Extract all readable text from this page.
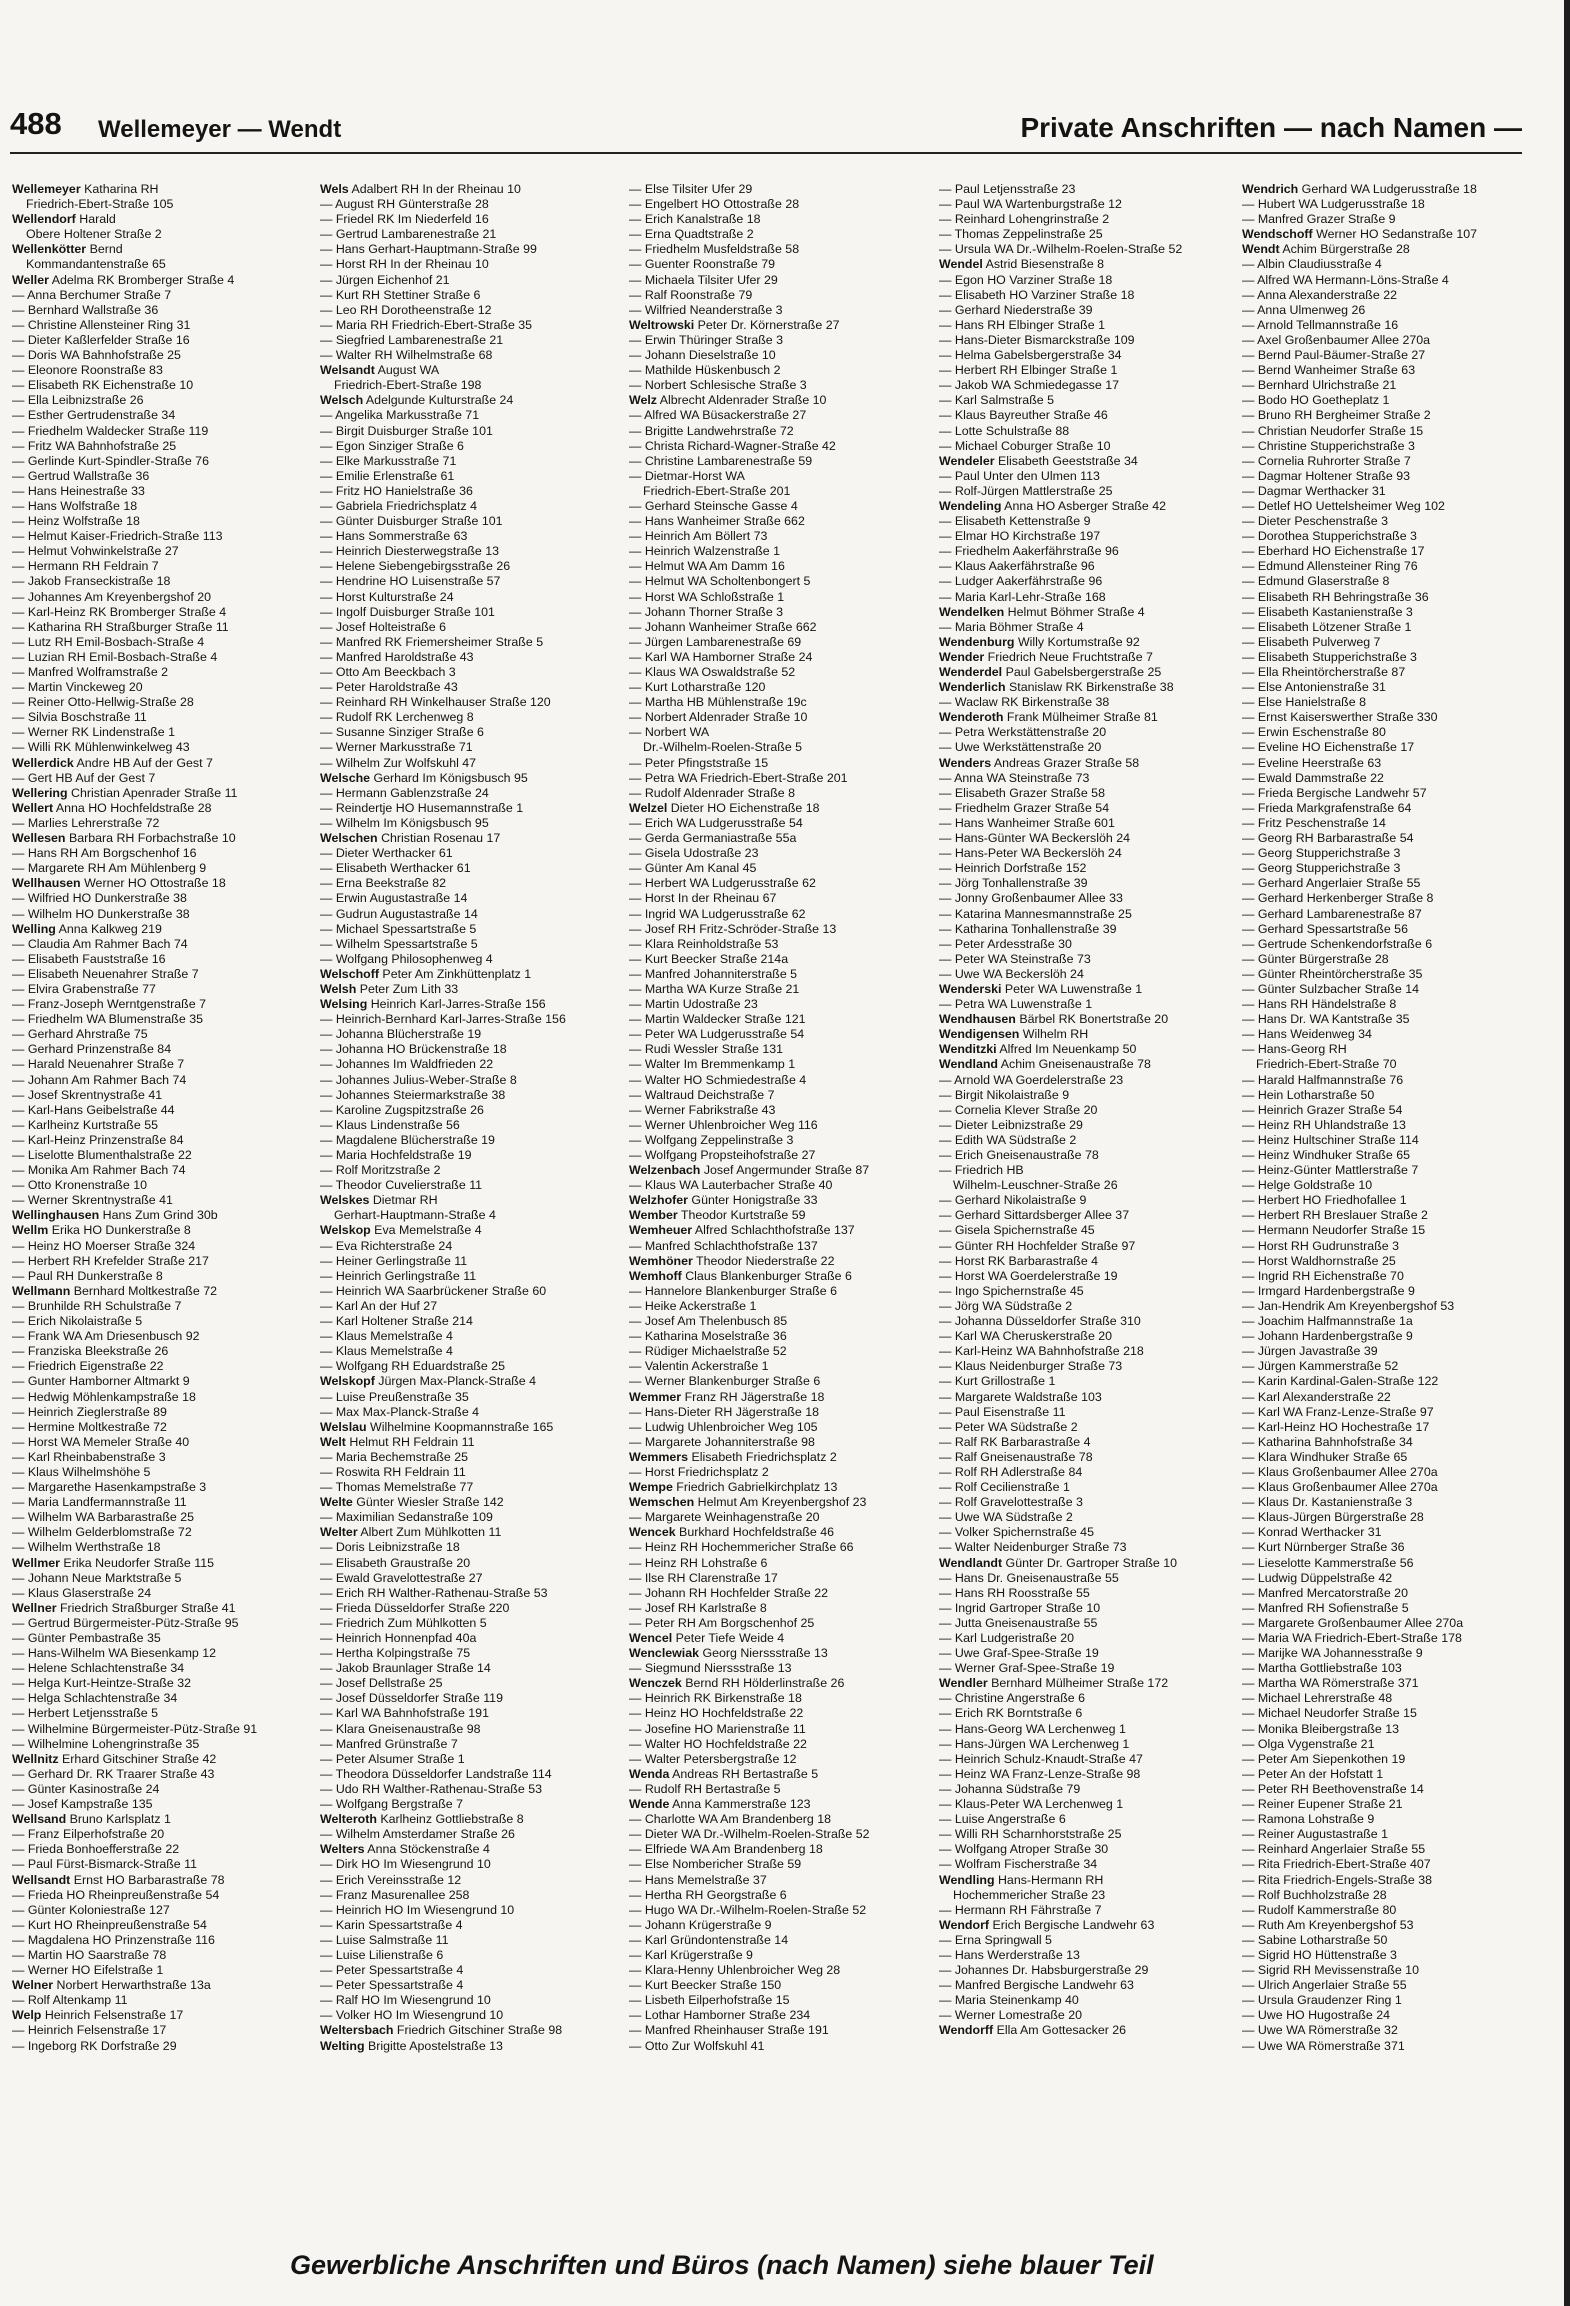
488 Wellemeyer — Wendt	Private Anschriften — nach Namen —
Wellemeyer Katharina RH
Friedrich-Ebert-Straße 105
Wellendorf Harald
Obere Holtener Straße 2
Wellenkötter Bernd
Kommandantenstraße 65
Weller Adelma RK Bromberger Straße 4
— Anna Berchumer Straße 7
— Bernhard Wallstraße 36
— Christine Allensteiner Ring 31
— Dieter Kaßlerfelder Straße 16
— Doris WA Bahnhofstraße 25
— Eleonore Roonstraße 83
— Elisabeth RK Eichenstraße 10
— Ella Leibnizstraße 26
— Esther Gertrudenstraße 34
— Friedhelm Waldecker Straße 119
— Fritz WA Bahnhofstraße 25
— Gerlinde Kurt-Spindler-Straße 76
— Gertrud Wallstraße 36
— Hans Heinestraße 33
— Hans Wolfstraße 18
— Heinz Wolfstraße 18
— Helmut Kaiser-Friedrich-Straße 113
— Helmut Vohwinkelstraße 27
— Hermann RH Feldrain 7
— Jakob Franseckistraße 18
— Johannes Am Kreyenbergshof 20
— Karl-Heinz RK Bromberger Straße 4
— Katharina RH Straßburger Straße 11
— Lutz RH Emil-Bosbach-Straße 4
— Luzian RH Emil-Bosbach-Straße 4
— Manfred Wolframstraße 2
— Martin Vinckeweg 20
— Reiner Otto-Hellwig-Straße 28
— Silvia Boschstraße 11
— Werner RK Lindenstraße 1
— Willi RK Mühlenwinkelweg 43
Wellerdick Andre HB Auf der Gest 7
— Gert HB Auf der Gest 7
Wellering Christian Apenrader Straße 11
Wellert Anna HO Hochfeldstraße 28
— Marlies Lehrerstraße 72
Wellesen Barbara RH Forbachstraße 10
— Hans RH Am Borgschenhof 16
— Margarete RH Am Mühlenberg 9
Wellhausen Werner HO Ottostraße 18
— Wilfried HO Dunkerstraße 38
— Wilhelm HO Dunkerstraße 38
Welling Anna Kalkweg 219
— Claudia Am Rahmer Bach 74
— Elisabeth Fauststraße 16
— Elisabeth Neuenahrer Straße 7
— Elvira Grabenstraße 77
— Franz-Joseph Werntgenstraße 7
— Friedhelm WA Blumenstraße 35
— Gerhard Ahrstraße 75
— Gerhard Prinzenstraße 84
— Harald Neuenahrer Straße 7
— Johann Am Rahmer Bach 74
— Josef Skrentnystraße 41
— Karl-Hans Geibelstraße 44
— Karlheinz Kurtstraße 55
— Karl-Heinz Prinzenstraße 84
— Liselotte Blumenthalstraße 22
— Monika Am Rahmer Bach 74
— Otto Kronenstraße 10
— Werner Skrentnystraße 41
Wellinghausen Hans Zum Grind 30b
Wellm Erika HO Dunkerstraße 8
— Heinz HO Moerser Straße 324
— Herbert RH Krefelder Straße 217
— Paul RH Dunkerstraße 8
Wellmann Bernhard Moltkestraße 72
— Brunhilde RH Schulstraße 7
— Erich Nikolaistraße 5
— Frank WA Am Driesenbusch 92
— Franziska Bleekstraße 26
— Friedrich Eigenstraße 22
— Gunter Hamborner Altmarkt 9
— Hedwig Möhlenkampstraße 18
— Heinrich Zieglerstraße 89
— Hermine Moltkestraße 72
— Horst WA Memeler Straße 40
— Karl Rheinbabenstraße 3
— Klaus Wilhelmshöhe 5
— Margarethe Hasenkampstraße 3
— Maria Landfermannstraße 11
— Wilhelm WA Barbarastraße 25
— Wilhelm Gelderblomstraße 72
— Wilhelm Werthstraße 18
Wellmer Erika Neudorfer Straße 115
— Johann Neue Marktstraße 5
— Klaus Glaserstraße 24
Wellner Friedrich Straßburger Straße 41
— Gertrud Bürgermeister-Pütz-Straße 95
— Günter Pembastraße 35
— Hans-Wilhelm WA Biesenkamp 12
— Helene Schlachtenstraße 34
— Helga Kurt-Heintze-Straße 32
— Helga Schlachtenstraße 34
— Herbert Letjensstraße 5
— Wilhelmine Bürgermeister-Pütz-Straße 91
— Wilhelmine Lohengrinstraße 35
Wellnitz Erhard Gitschiner Straße 42
— Gerhard Dr. RK Traarer Straße 43
— Günter Kasinostraße 24
— Josef Kampstraße 135
Wellsand Bruno Karlsplatz 1
— Franz Eilperhofstraße 20
— Frieda Bonhoefferstraße 22
— Paul Fürst-Bismarck-Straße 11
Wellsandt Ernst HO Barbarastraße 78
— Frieda HO Rheinpreußenstraße 54
— Günter Koloniestraße 127
— Kurt HO Rheinpreußenstraße 54
— Magdalena HO Prinzenstraße 116
— Martin HO Saarstraße 78
— Werner HO Eifelstraße 1
Welner Norbert Herwarthstraße 13a
— Rolf Altenkamp 11
Welp Heinrich Felsenstraße 17
— Heinrich Felsenstraße 17
— Ingeborg RK Dorfstraße 29
Wels Adalbert RH In der Rheinau 10
— August RH Günterstraße 28
— Friedel RK Im Niederfeld 16
— Gertrud Lambarenestraße 21
— Hans Gerhart-Hauptmann-Straße 99
— Horst RH In der Rheinau 10
— Jürgen Eichenhof 21
— Kurt RH Stettiner Straße 6
— Leo RH Dorotheenstraße 12
— Maria RH Friedrich-Ebert-Straße 35
— Siegfried Lambarenestraße 21
— Walter RH Wilhelmstraße 68
Welsandt August WA
Friedrich-Ebert-Straße 198
Welsch Adelgunde Kulturstraße 24
— Angelika Markusstraße 71
— Birgit Duisburger Straße 101
— Egon Sinziger Straße 6
— Elke Markusstraße 71
— Emilie Erlenstraße 61
— Fritz HO Hanielstraße 36
— Gabriela Friedrichsplatz 4
— Günter Duisburger Straße 101
— Hans Sommerstraße 63
— Heinrich Diesterwegstraße 13
— Helene Siebengebirgsstraße 26
— Hendrine HO Luisenstraße 57
— Horst Kulturstraße 24
— Ingolf Duisburger Straße 101
— Josef Holteistraße 6
— Manfred RK Friemersheimer Straße 5
— Manfred Haroldstraße 43
— Otto Am Beeckbach 3
— Peter Haroldstraße 43
— Reinhard RH Winkelhauser Straße 120
— Rudolf RK Lerchenweg 8
— Susanne Sinziger Straße 6
— Werner Markusstraße 71
— Wilhelm Zur Wolfskuhl 47
Welsche Gerhard Im Königsbusch 95
— Hermann Gablenzstraße 24
— Reindertje HO Husemannstraße 1
— Wilhelm Im Königsbusch 95
Welschen Christian Rosenau 17
— Dieter Werthacker 61
— Elisabeth Werthacker 61
— Erna Beekstraße 82
— Erwin Augustastraße 14
— Gudrun Augustastraße 14
— Michael Spessartstraße 5
— Wilhelm Spessartstraße 5
— Wolfgang Philosophenweg 4
Welschoff Peter Am Zinkhüttenplatz 1
Welsh Peter Zum Lith 33
Welsing Heinrich Karl-Jarres-Straße 156
— Heinrich-Bernhard Karl-Jarres-Straße 156
— Johanna Blücherstraße 19
— Johanna HO Brückenstraße 18
— Johannes Im Waldfrieden 22
— Johannes Julius-Weber-Straße 8
— Johannes Steiermarkstraße 38
— Karoline Zugspitzstraße 26
— Klaus Lindenstraße 56
— Magdalene Blücherstraße 19
— Maria Hochfeldstraße 19
— Rolf Moritzstraße 2
— Theodor Cuvelierstraße 11
Welskes Dietmar RH
Gerhart-Hauptmann-Straße 4
Welskop Eva Memelstraße 4
— Eva Richterstraße 24
— Heiner Gerlingstraße 11
— Heinrich Gerlingstraße 11
— Heinrich WA Saarbrückener Straße 60
— Karl An der Huf 27
— Karl Holtener Straße 214
— Klaus Memelstraße 4
— Klaus Memelstraße 4
— Wolfgang RH Eduardstraße 25
Welskopf Jürgen Max-Planck-Straße 4
— Luise Preußenstraße 35
— Max Max-Planck-Straße 4
Welslau Wilhelmine Koopmannstraße 165
Welt Helmut RH Feldrain 11
— Maria Bechemstraße 25
— Roswita RH Feldrain 11
— Thomas Memelstraße 77
Welte Günter Wiesler Straße 142
— Maximilian Sedanstraße 109
Welter Albert Zum Mühlkotten 11
— Doris Leibnizstraße 18
— Elisabeth Graustraße 20
— Ewald Gravelottestraße 27
— Erich RH Walther-Rathenau-Straße 53
— Frieda Düsseldorfer Straße 220
— Friedrich Zum Mühlkotten 5
— Heinrich Honnenpfad 40a
— Hertha Kolpingstraße 75
— Jakob Braunlager Straße 14
— Josef Dellstraße 25
— Josef Düsseldorfer Straße 119
— Karl WA Bahnhofstraße 191
— Klara Gneisenaustraße 98
— Manfred Grünstraße 7
— Peter Alsumer Straße 1
— Theodora Düsseldorfer Landstraße 114
— Udo RH Walther-Rathenau-Straße 53
— Wolfgang Bergstraße 7
Welteroth Karlheinz Gottliebstraße 8
— Wilhelm Amsterdamer Straße 26
Welters Anna Stöckenstraße 4
— Dirk HO Im Wiesengrund 10
— Erich Vereinsstraße 12
— Franz Masurenallee 258
— Heinrich HO Im Wiesengrund 10
— Karin Spessartstraße 4
— Luise Salmstraße 11
— Luise Lilienstraße 6
— Peter Spessartstraße 4
— Peter Spessartstraße 4
— Ralf HO Im Wiesengrund 10
— Volker HO Im Wiesengrund 10
Weltersbach Friedrich Gitschiner Straße 98
Welting Brigitte Apostelstraße 13
— Else Tilsiter Ufer 29
— Engelbert HO Ottostraße 28
— Erich Kanalstraße 18
— Erna Quadtstraße 2
— Friedhelm Musfeldstraße 58
— Guenter Roonstraße 79
— Michaela Tilsiter Ufer 29
— Ralf Roonstraße 79
— Wilfried Neanderstraße 3
Weltrowski Peter Dr. Körnerstraße 27
— Erwin Thüringer Straße 3
— Johann Dieselstraße 10
— Mathilde Hüskenbusch 2
— Norbert Schlesische Straße 3
Welz Albrecht Aldenrader Straße 10
— Alfred WA Büsackerstraße 27
— Brigitte Landwehrstraße 72
— Christa Richard-Wagner-Straße 42
— Christine Lambarenestraße 59
— Dietmar-Horst WA
Friedrich-Ebert-Straße 201
— Gerhard Steinsche Gasse 4
— Hans Wanheimer Straße 662
— Heinrich Am Böllert 73
— Heinrich Walzenstraße 1
— Helmut WA Am Damm 16
— Helmut WA Scholtenbongert 5
— Horst WA Schloßstraße 1
— Johann Thorner Straße 3
— Johann Wanheimer Straße 662
— Jürgen Lambarenestraße 69
— Karl WA Hamborner Straße 24
— Klaus WA Oswaldstraße 52
— Kurt Lotharstraße 120
— Martha HB Mühlenstraße 19c
— Norbert Aldenrader Straße 10
— Norbert WA
Dr.-Wilhelm-Roelen-Straße 5
— Peter Pfingststraße 15
— Petra WA Friedrich-Ebert-Straße 201
— Rudolf Aldenrader Straße 8
Welzel Dieter HO Eichenstraße 18
— Erich WA Ludgerusstraße 54
— Gerda Germaniastraße 55a
— Gisela Udostraße 23
— Günter Am Kanal 45
— Herbert WA Ludgerusstraße 62
— Horst In der Rheinau 67
— Ingrid WA Ludgerusstraße 62
— Josef RH Fritz-Schröder-Straße 13
— Klara Reinholdstraße 53
— Kurt Beecker Straße 214a
— Manfred Johanniterstraße 5
— Martha WA Kurze Straße 21
— Martin Udostraße 23
— Martin Waldecker Straße 121
— Peter WA Ludgerusstraße 54
— Rudi Wessler Straße 131
— Walter Im Bremmenkamp 1
— Walter HO Schmiedestraße 4
— Waltraud Deichstraße 7
— Werner Fabrikstraße 43
— Werner Uhlenbroicher Weg 116
— Wolfgang Zeppelinstraße 3
— Wolfgang Propsteihofstraße 27
Welzenbach Josef Angermunder Straße 87
— Klaus WA Lauterbacher Straße 40
Welzhofer Günter Honigstraße 33
Wember Theodor Kurtstraße 59
Wemheuer Alfred Schlachthofstraße 137
— Manfred Schlachthofstraße 137
Wemhöner Theodor Niederstraße 22
Wemhoff Claus Blankenburger Straße 6
— Hannelore Blankenburger Straße 6
— Heike Ackerstraße 1
— Josef Am Thelenbusch 85
— Katharina Moselstraße 36
— Rüdiger Michaelstraße 52
— Valentin Ackerstraße 1
— Werner Blankenburger Straße 6
Wemmer Franz RH Jägerstraße 18
— Hans-Dieter RH Jägerstraße 18
— Ludwig Uhlenbroicher Weg 105
— Margarete Johanniterstraße 98
Wemmers Elisabeth Friedrichsplatz 2
— Horst Friedrichsplatz 2
Wempe Friedrich Gabrielkirchplatz 13
Wemschen Helmut Am Kreyenbergshof 23
— Margarete Weinhagenstraße 20
Wencek Burkhard Hochfeldstraße 46
— Heinz RH Hochemmericher Straße 66
— Heinz RH Lohstraße 6
— Ilse RH Clarenstraße 17
— Johann RH Hochfelder Straße 22
— Josef RH Karlstraße 8
— Peter RH Am Borgschenhof 25
Wencel Peter Tiefe Weide 4
Wenclewiak Georg Nierssstraße 13
— Siegmund Nierssstraße 13
Wenczek Bernd RH Hölderlinstraße 26
— Heinrich RK Birkenstraße 18
— Heinz HO Hochfeldstraße 22
— Josefine HO Marienstraße 11
— Walter HO Hochfeldstraße 22
— Walter Petersbergstraße 12
Wenda Andreas RH Bertastraße 5
— Rudolf RH Bertastraße 5
Wende Anna Kammerstraße 123
— Charlotte WA Am Brandenberg 18
— Dieter WA Dr.-Wilhelm-Roelen-Straße 52
— Elfriede WA Am Brandenberg 18
— Else Nombericher Straße 59
— Hans Memelstraße 37
— Hertha RH Georgstraße 6
— Hugo WA Dr.-Wilhelm-Roelen-Straße 52
— Johann Krügerstraße 9
— Karl Gründontenstraße 14
— Karl Krügerstraße 9
— Klara-Henny Uhlenbroicher Weg 28
— Kurt Beecker Straße 150
— Lisbeth Eilperhofstraße 15
— Lothar Hamborner Straße 234
— Manfred Rheinhauser Straße 191
— Otto Zur Wolfskuhl 41
— Paul Letjensstraße 23
— Paul WA Wartenburgstraße 12
— Reinhard Lohengrinstraße 2
— Thomas Zeppelinstraße 25
— Ursula WA Dr.-Wilhelm-Roelen-Straße 52
Wendel Astrid Biesenstraße 8
— Egon HO Varziner Straße 18
— Elisabeth HO Varziner Straße 18
— Gerhard Niederstraße 39
— Hans RH Elbinger Straße 1
— Hans-Dieter Bismarckstraße 109
— Helma Gabelsbergerstraße 34
— Herbert RH Elbinger Straße 1
— Jakob WA Schmiedegasse 17
— Karl Salmstraße 5
— Klaus Bayreuther Straße 46
— Lotte Schulstraße 88
— Michael Coburger Straße 10
Wendeler Elisabeth Geeststraße 34
— Paul Unter den Ulmen 113
— Rolf-Jürgen Mattlerstraße 25
Wendeling Anna HO Asberger Straße 42
— Elisabeth Kettenstraße 9
— Elmar HO Kirchstraße 197
— Friedhelm Aakerfährstraße 96
— Klaus Aakerfährstraße 96
— Ludger Aakerfährstraße 96
— Maria Karl-Lehr-Straße 168
Wendelken Helmut Böhmer Straße 4
— Maria Böhmer Straße 4
Wendenburg Willy Kortumstraße 92
Wender Friedrich Neue Fruchtstraße 7
Wenderdel Paul Gabelsbergerstraße 25
Wenderlich Stanislaw RK Birkenstraße 38
— Waclaw RK Birkenstraße 38
Wenderoth Frank Mülheimer Straße 81
— Petra Werkstättenstraße 20
— Uwe Werkstättenstraße 20
Wenders Andreas Grazer Straße 58
— Anna WA Steinstraße 73
— Elisabeth Grazer Straße 58
— Friedhelm Grazer Straße 54
— Hans Wanheimer Straße 601
— Hans-Günter WA Beckerslöh 24
— Hans-Peter WA Beckerslöh 24
— Heinrich Dorfstraße 152
— Jörg Tonhallenstraße 39
— Jonny Großenbaumer Allee 33
— Katarina Mannesmannstraße 25
— Katharina Tonhallenstraße 39
— Peter Ardesstraße 30
— Peter WA Steinstraße 73
— Uwe WA Beckerslöh 24
Wenderski Peter WA Luwenstraße 1
— Petra WA Luwenstraße 1
Wendhausen Bärbel RK Bonertstraße 20
Wendigensen Wilhelm RH
Wenditzki Alfred Im Neuenkamp 50
Wendland Achim Gneisenaustraße 78
— Arnold WA Goerdelerstraße 23
— Birgit Nikolaistraße 9
— Cornelia Klever Straße 20
— Dieter Leibnizstraße 29
— Edith WA Südstraße 2
— Erich Gneisenaustraße 78
— Friedrich HB
Wilhelm-Leuschner-Straße 26
— Gerhard Nikolaistraße 9
— Gerhard Sittardsberger Allee 37
— Gisela Spichernstraße 45
— Günter RH Hochfelder Straße 97
— Horst RK Barbarastraße 4
— Horst WA Goerdelerstraße 19
— Ingo Spichernstraße 45
— Jörg WA Südstraße 2
— Johanna Düsseldorfer Straße 310
— Karl WA Cheruskerstraße 20
— Karl-Heinz WA Bahnhofstraße 218
— Klaus Neidenburger Straße 73
— Kurt Grillostraße 1
— Margarete Waldstraße 103
— Paul Eisenstraße 11
— Peter WA Südstraße 2
— Ralf RK Barbarastraße 4
— Ralf Gneisenaustraße 78
— Rolf RH Adlerstraße 84
— Rolf Cecilienstraße 1
— Rolf Gravelottestraße 3
— Uwe WA Südstraße 2
— Volker Spichernstraße 45
— Walter Neidenburger Straße 73
Wendlandt Günter Dr. Gartroper Straße 10
— Hans Dr. Gneisenaustraße 55
— Hans RH Roosstraße 55
— Ingrid Gartroper Straße 10
— Jutta Gneisenaustraße 55
— Karl Ludgeristraße 20
— Uwe Graf-Spee-Straße 19
— Werner Graf-Spee-Straße 19
Wendler Bernhard Mülheimer Straße 172
— Christine Angerstraße 6
— Erich RK Borntstraße 6
— Hans-Georg WA Lerchenweg 1
— Hans-Jürgen WA Lerchenweg 1
— Heinrich Schulz-Knaudt-Straße 47
— Heinz WA Franz-Lenze-Straße 98
— Johanna Südstraße 79
— Klaus-Peter WA Lerchenweg 1
— Luise Angerstraße 6
— Willi RH Scharnhorststraße 25
— Wolfgang Atroper Straße 30
— Wolfram Fischerstraße 34
Wendling Hans-Hermann RH
Hochemmericher Straße 23
— Hermann RH Fährstraße 7
Wendorf Erich Bergische Landwehr 63
— Erna Springwall 5
— Hans Werderstraße 13
— Johannes Dr. Habsburgerstraße 29
— Manfred Bergische Landwehr 63
— Maria Steinenkamp 40
— Werner Lomestraße 20
Wendorff Ella Am Gottesacker 26
Wendrich Gerhard WA Ludgerusstraße 18
— Hubert WA Ludgerusstraße 18
— Manfred Grazer Straße 9
Wendschoff Werner HO Sedanstraße 107
Wendt Achim Bürgerstraße 28
— Albin Claudiusstraße 4
— Alfred WA Hermann-Löns-Straße 4
— Anna Alexanderstraße 22
— Anna Ulmenweg 26
— Arnold Tellmannstraße 16
— Axel Großenbaumer Allee 270a
— Bernd Paul-Bäumer-Straße 27
— Bernd Wanheimer Straße 63
— Bernhard Ulrichstraße 21
— Bodo HO Goetheplatz 1
— Bruno RH Bergheimer Straße 2
— Christian Neudorfer Straße 15
— Christine Stupperichstraße 3
— Cornelia Ruhrorter Straße 7
— Dagmar Holtener Straße 93
— Dagmar Werthacker 31
— Detlef HO Uettelsheimer Weg 102
— Dieter Peschenstraße 3
— Dorothea Stupperichstraße 3
— Eberhard HO Eichenstraße 17
— Edmund Allensteiner Ring 76
— Edmund Glaserstraße 8
— Elisabeth RH Behringstraße 36
— Elisabeth Kastanienstraße 3
— Elisabeth Lötzener Straße 1
— Elisabeth Pulverweg 7
— Elisabeth Stupperichstraße 3
— Ella Rheintörcherstraße 87
— Else Antonienstraße 31
— Else Hanielstraße 8
— Ernst Kaiserswerther Straße 330
— Erwin Eschenstraße 80
— Eveline HO Eichenstraße 17
— Eveline Heerstraße 63
— Ewald Dammstraße 22
— Frieda Bergische Landwehr 57
— Frieda Markgrafenstraße 64
— Fritz Peschenstraße 14
— Georg RH Barbarastraße 54
— Georg Stupperichstraße 3
— Georg Stupperichstraße 3
— Gerhard Angerlaier Straße 55
— Gerhard Herkenberger Straße 8
— Gerhard Lambarenestraße 87
— Gerhard Spessartstraße 56
— Gertrude Schenkendorfstraße 6
— Günter Bürgerstraße 28
— Günter Rheintörcherstraße 35
— Günter Sulzbacher Straße 14
— Hans RH Händelstraße 8
— Hans Dr. WA Kantstraße 35
— Hans Weidenweg 34
— Hans-Georg RH
Friedrich-Ebert-Straße 70
— Harald Halfmannstraße 76
— Hein Lotharstraße 50
— Heinrich Grazer Straße 54
— Heinz RH Uhlandstraße 13
— Heinz Hultschiner Straße 114
— Heinz Windhuker Straße 65
— Heinz-Günter Mattlerstraße 7
— Helge Goldstraße 10
— Herbert HO Friedhofallee 1
— Herbert RH Breslauer Straße 2
— Hermann Neudorfer Straße 15
— Horst RH Gudrunstraße 3
— Horst Waldhornstraße 25
— Ingrid RH Eichenstraße 70
— Irmgard Hardenbergstraße 9
— Jan-Hendrik Am Kreyenbergshof 53
— Joachim Halfmannstraße 1a
— Johann Hardenbergstraße 9
— Jürgen Javastraße 39
— Jürgen Kammerstraße 52
— Karin Kardinal-Galen-Straße 122
— Karl Alexanderstraße 22
— Karl WA Franz-Lenze-Straße 97
— Karl-Heinz HO Hochestraße 17
— Katharina Bahnhofstraße 34
— Klara Windhuker Straße 65
— Klaus Großenbaumer Allee 270a
— Klaus Großenbaumer Allee 270a
— Klaus Dr. Kastanienstraße 3
— Klaus-Jürgen Bürgerstraße 28
— Konrad Werthacker 31
— Kurt Nürnberger Straße 36
— Lieselotte Kammerstraße 56
— Ludwig Düppelstraße 42
— Manfred Mercatorstraße 20
— Manfred RH Sofienstraße 5
— Margarete Großenbaumer Allee 270a
— Maria WA Friedrich-Ebert-Straße 178
— Marijke WA Johannesstraße 9
— Martha Gottliebstraße 103
— Martha WA Römerstraße 371
— Michael Lehrerstraße 48
— Michael Neudorfer Straße 15
— Monika Bleibergstraße 13
— Olga Vygenstraße 21
— Peter Am Siepenkothen 19
— Peter An der Hofstatt 1
— Peter RH Beethovenstraße 14
— Reiner Eupener Straße 21
— Ramona Lohstraße 9
— Reiner Augustastraße 1
— Reinhard Angerlaier Straße 55
— Rita Friedrich-Ebert-Straße 407
— Rita Friedrich-Engels-Straße 38
— Rolf Buchholzstraße 28
— Rudolf Kammerstraße 80
— Ruth Am Kreyenbergshof 53
— Sabine Lotharstraße 50
— Sigrid HO Hüttenstraße 3
— Sigrid RH Mevissenstraße 10
— Ulrich Angerlaier Straße 55
— Ursula Graudenzer Ring 1
— Uwe HO Hugostraße 24
— Uwe WA Römerstraße 32
— Uwe WA Römerstraße 371
Gewerbliche Anschriften und Büros (nach Namen) siehe blauer Teil
